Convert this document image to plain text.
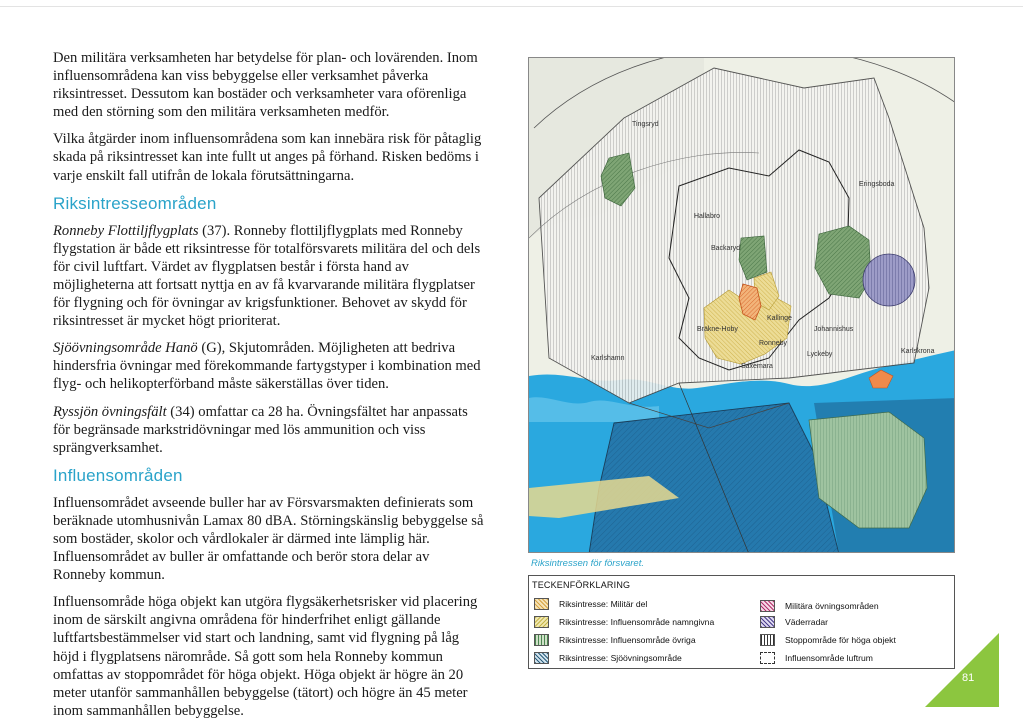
Den militära verksamheten har betydelse för plan- och lovärenden. Inom influensområdena kan viss bebyggelse eller verksamhet påverka riksintresset. Dessutom kan bostäder och verksamheter vara oförenliga med den störning som den militära verksamheten medför.

Vilka åtgärder inom influensområdena som kan innebära risk för påtaglig skada på riksintresset kan inte fullt ut anges på förhand. Risken bedöms i varje enskilt fall utifrån de lokala förutsättningarna.

Riksintresseområden

Ronneby Flottiljflygplats (37). Ronneby flottiljflygplats med Ronneby flygstation är både ett riksintresse för totalförsvarets militära del och dels för civil luftfart. Värdet av flygplatsen består i första hand av möjligheterna att fortsatt nyttja en av få kvarvarande militära flygplatser för flygning och för övningar av krigsfunktioner. Behovet av skydd för riksintresset är mycket högt prioriterat.

Sjöövningsområde Hanö (G), Skjutområden. Möjligheten att bedriva hindersfria övningar med förekommande fartygstyper i kombination med flyg- och helikopterförband måste säkerställas över tiden.

Ryssjön övningsfält (34) omfattar ca 28 ha. Övningsfältet har anpassats för begränsade markstridövningar med lös ammunition och viss sprängverksamhet.

Influensområden

Influensområdet avseende buller har av Försvarsmakten definierats som beräknade utomhusnivån Lamax 80 dBA. Störningskänslig bebyggelse så som bostäder, skolor och vårdlokaler är därmed inte lämplig här. Influensområdet av buller är omfattande och berör stora delar av Ronneby kommun.

Influensområde höga objekt kan utgöra flygsäkerhetsrisker vid placering inom de särskilt angivna områdena för hinderfrihet enligt gällande luftfartsbestämmelser vid start och landning, samt vid flygning på låg höjd i flygplatsens närområde. Så gott som hela Ronneby kommun omfattas av stoppområdet för höga objekt. Höga objekt är högre än 20 meter utanför sammanhållen bebyggelse (tätort) och högre än 45 meter inom sammanhållen bebyggelse.

Tingsryd
Eringsboda
Hallabro
Backaryd
Kallinge
Johannishus
Bräkne-Hoby
Ronneby
Lyckeby	Karlskrona
Karlshamn
Saxemara
Riksintressen för försvaret.
TECKENFÖRKLARING
Riksintresse: Militär del
Riksintresse: Influensområde namngivna
Riksintresse: Influensområde övriga
Riksintresse: Sjöövningsområde
Militära övningsområden
Väderradar
Stoppområde för höga objekt
Influensområde luftrum
81
